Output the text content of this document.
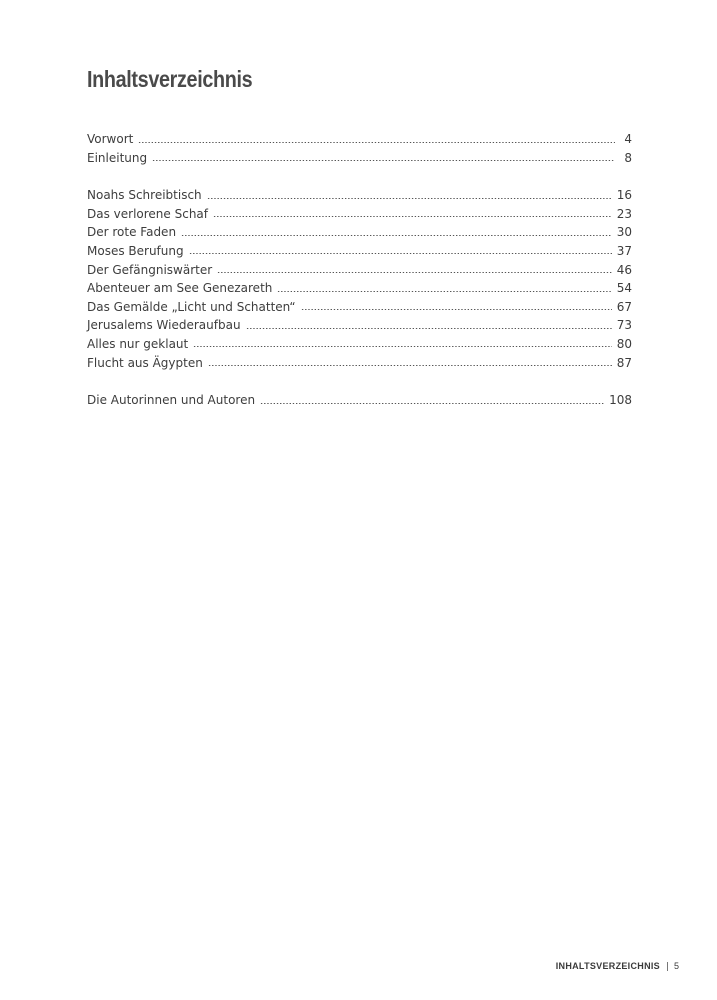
Inhaltsverzeichnis
Vorwort	4
Einleitung	8
Noahs Schreibtisch	16
Das verlorene Schaf	23
Der rote Faden	30
Moses Berufung	37
Der Gefängniswärter	46
Abenteuer am See Genezareth	54
Das Gemälde „Licht und Schatten“	67
Jerusalems Wiederaufbau	73
Alles nur geklaut	80
Flucht aus Ägypten	87
Die Autorinnen und Autoren	108
INHALTSVERZEICHNIS 5
